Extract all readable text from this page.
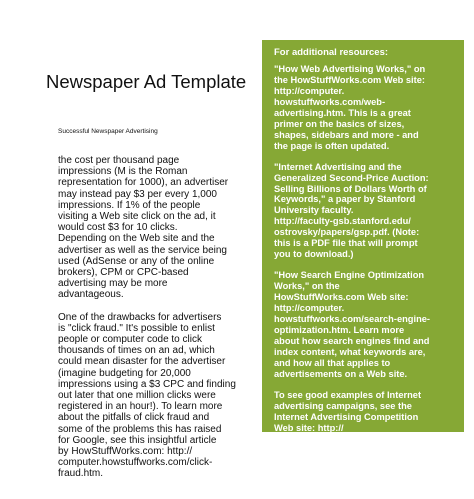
Newspaper Ad Template
Successful Newspaper Advertising

the cost per thousand page
impressions (M is the Roman
representation for 1000), an advertiser
may instead pay $3 per every 1,000
impressions. If 1% of the people
visiting a Web site click on the ad, it
would cost $3 for 10 clicks.
Depending on the Web site and the
advertiser as well as the service being
used (AdSense or any of the online
brokers), CPM or CPC-based
advertising may be more
advantageous.

One of the drawbacks for advertisers
is "click fraud." It's possible to enlist
people or computer code to click
thousands of times on an ad, which
could mean disaster for the advertiser
(imagine budgeting for 20,000
impressions using a $3 CPC and finding
out later that one million clicks were
registered in an hour!). To learn more
about the pitfalls of click fraud and
some of the problems this has raised
for Google, see this insightful article
by HowStuffWorks.com: http://
computer.howstuffworks.com/click-
fraud.htm.

For additional resources:

"How Web Advertising Works," on
the HowStuffWorks.com Web site:
http://computer.
howstuffworks.com/web-
advertising.htm. This is a great
primer on the basics of sizes,
shapes, sidebars and more - and
the page is often updated.

"Internet Advertising and the
Generalized Second-Price Auction:
Selling Billions of Dollars Worth of
Keywords," a paper by Stanford
University faculty.
http://faculty-gsb.stanford.edu/
ostrovsky/papers/gsp.pdf. (Note:
this is a PDF file that will prompt
you to download.)

"How Search Engine Optimization
Works," on the
HowStuffWorks.com Web site:
http://computer.
howstuffworks.com/search-engine-
optimization.htm. Learn more
about how search engines find and
index content, what keywords are,
and how all that applies to
advertisements on a Web site.

To see good examples of Internet
advertising campaigns, see the
Internet Advertising Competition
Web site: http://
www.advertisingcompetition.org/
iac/ and BannerReport.com, which
offers a gallery of successful
banner ads categorized by size:
http://www.bannerreport.com/html/
gallery.php.
